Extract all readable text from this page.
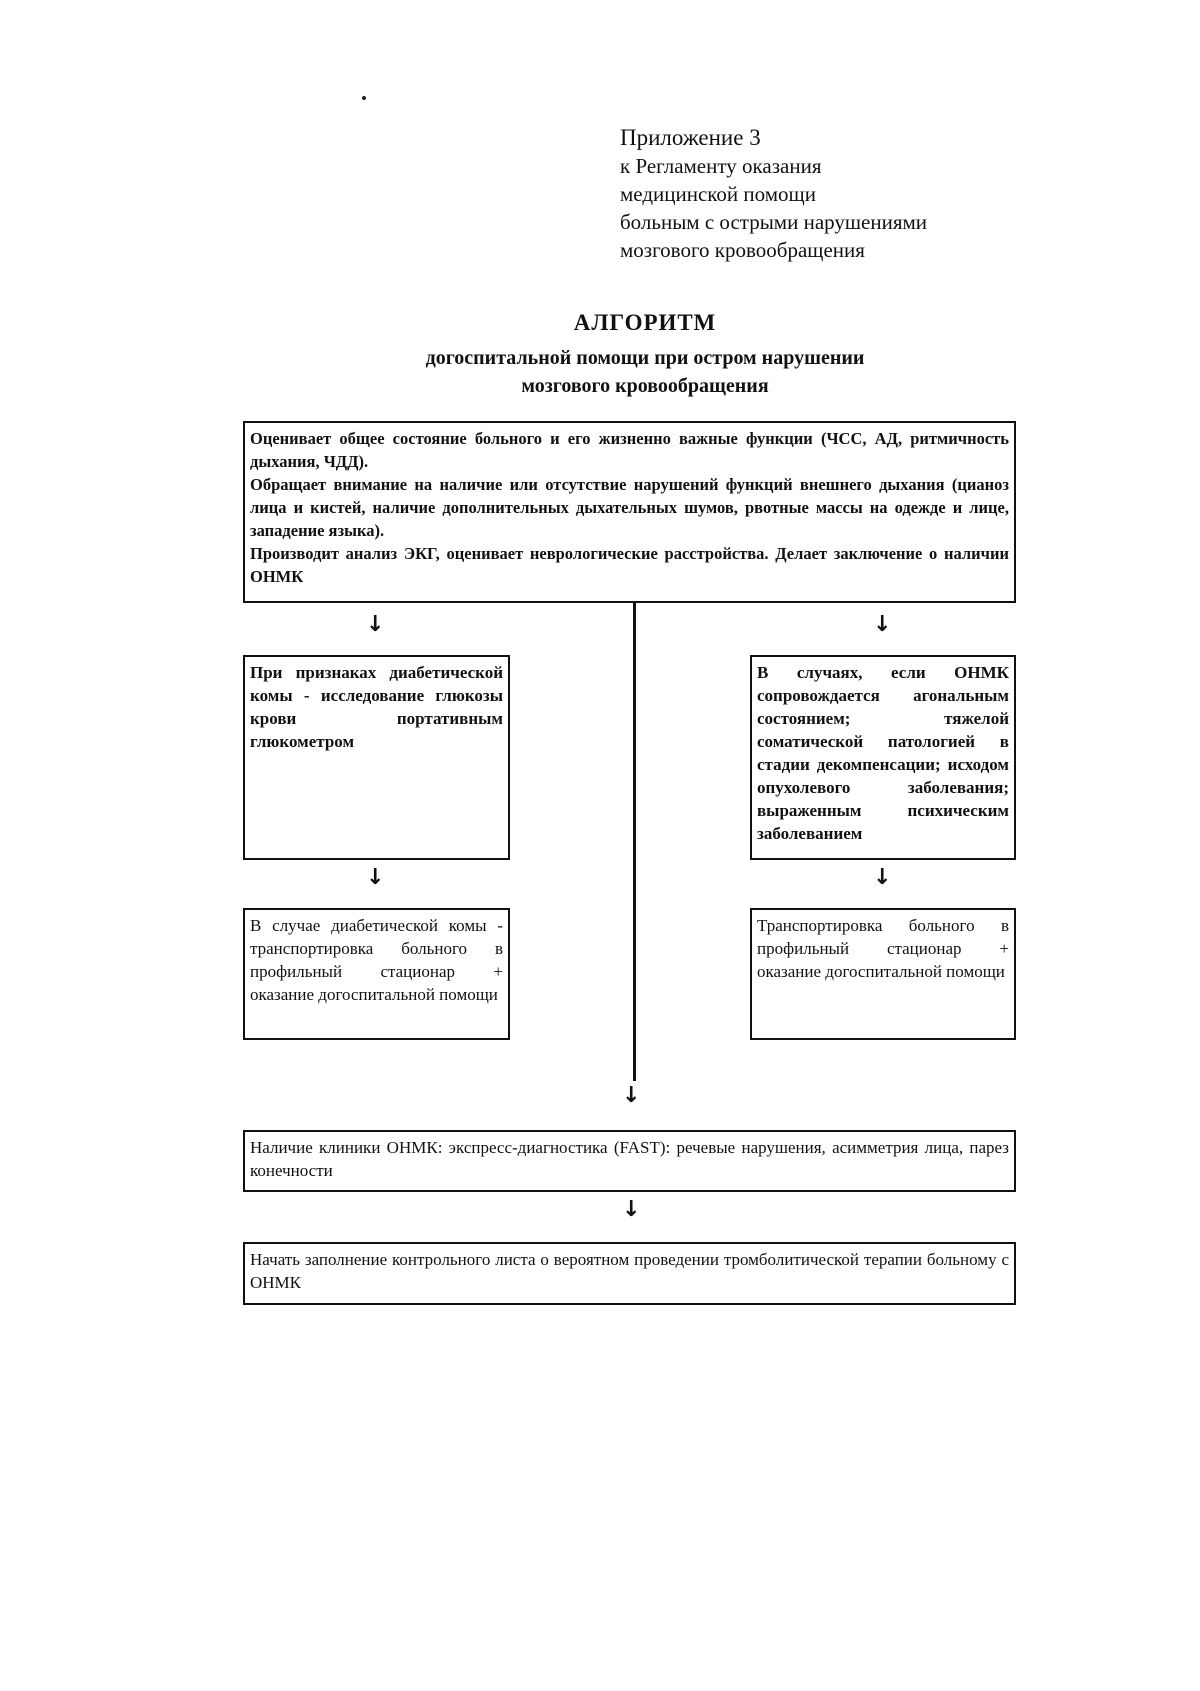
Приложение 3
к Регламенту оказания
медицинской помощи
больным с острыми нарушениями
мозгового кровообращения
АЛГОРИТМ
догоспитальной помощи при остром нарушении
мозгового кровообращения

Оценивает общее состояние больного и его жизненно важные функции (ЧСС, АД, ритмичность дыхания, ЧДД).

Обращает внимание на наличие или отсутствие нарушений функций внешнего дыхания (цианоз лица и кистей, наличие дополнительных дыхательных шумов, рвотные массы на одежде и лице, западение языка).

Производит анализ ЭКГ, оценивает неврологические расстройства. Делает заключение о наличии ОНМК

↓	↓

При признаках диабетической комы - исследование глюкозы крови портативным глюкометром

В случаях, если ОНМК сопровождается агональным состоянием; тяжелой соматической патологией в стадии декомпенсации; исходом опухолевого заболевания; выраженным психическим заболеванием

↓	↓

В случае диабетической комы - транспортировка больного в профильный стационар + оказание догоспитальной помощи

Транспортировка больного в профильный стационар + оказание догоспитальной помощи

↓

Наличие клиники ОНМК: экспресс-диагностика (FAST): речевые нарушения, асимметрия лица, парез конечности

↓

Начать заполнение контрольного листа о вероятном проведении тромболитической терапии больному с ОНМК
